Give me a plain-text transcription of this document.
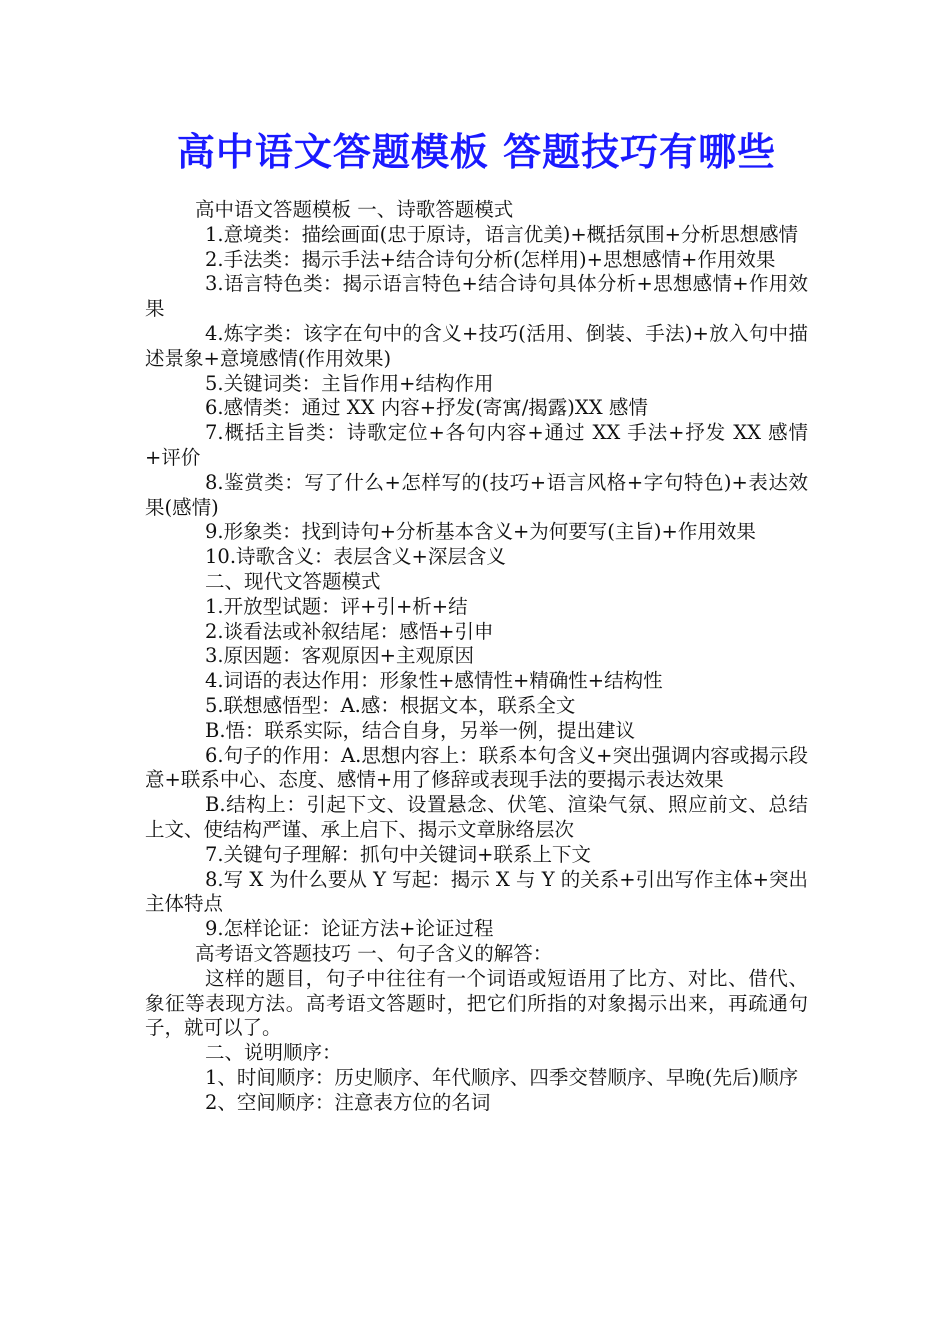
高中语文答题模板 答题技巧有哪些

高中语文答题模板 一、诗歌答题模式

1.意境类：描绘画面(忠于原诗，语言优美)+概括氛围+分析思想感情

2.手法类：揭示手法+结合诗句分析(怎样用)+思想感情+作用效果

3.语言特色类：揭示语言特色+结合诗句具体分析+思想感情+作用效果

4.炼字类：该字在句中的含义+技巧(活用、倒装、手法)+放入句中描述景象+意境感情(作用效果)

5.关键词类：主旨作用+结构作用

6.感情类：通过 XX 内容+抒发(寄寓/揭露)XX 感情

7.概括主旨类：诗歌定位+各句内容+通过 XX 手法+抒发 XX 感情+评价

8.鉴赏类：写了什么+怎样写的(技巧+语言风格+字句特色)+表达效果(感情)

9.形象类：找到诗句+分析基本含义+为何要写(主旨)+作用效果

10.诗歌含义：表层含义+深层含义

二、现代文答题模式

1.开放型试题：评+引+析+结

2.谈看法或补叙结尾：感悟+引申

3.原因题：客观原因+主观原因

4.词语的表达作用：形象性+感情性+精确性+结构性

5.联想感悟型：A.感：根据文本，联系全文

B.悟：联系实际，结合自身，另举一例，提出建议

6.句子的作用：A.思想内容上：联系本句含义+突出强调内容或揭示段意+联系中心、态度、感情+用了修辞或表现手法的要揭示表达效果

B.结构上：引起下文、设置悬念、伏笔、渲染气氛、照应前文、总结上文、使结构严谨、承上启下、揭示文章脉络层次

7.关键句子理解：抓句中关键词+联系上下文

8.写 X 为什么要从 Y 写起：揭示 X 与 Y 的关系+引出写作主体+突出主体特点

9.怎样论证：论证方法+论证过程

高考语文答题技巧 一、句子含义的解答：

这样的题目，句子中往往有一个词语或短语用了比方、对比、借代、象征等表现方法。高考语文答题时，把它们所指的对象揭示出来，再疏通句子，就可以了。

二、说明顺序：

1、时间顺序：历史顺序、年代顺序、四季交替顺序、早晚(先后)顺序

2、空间顺序：注意表方位的名词
